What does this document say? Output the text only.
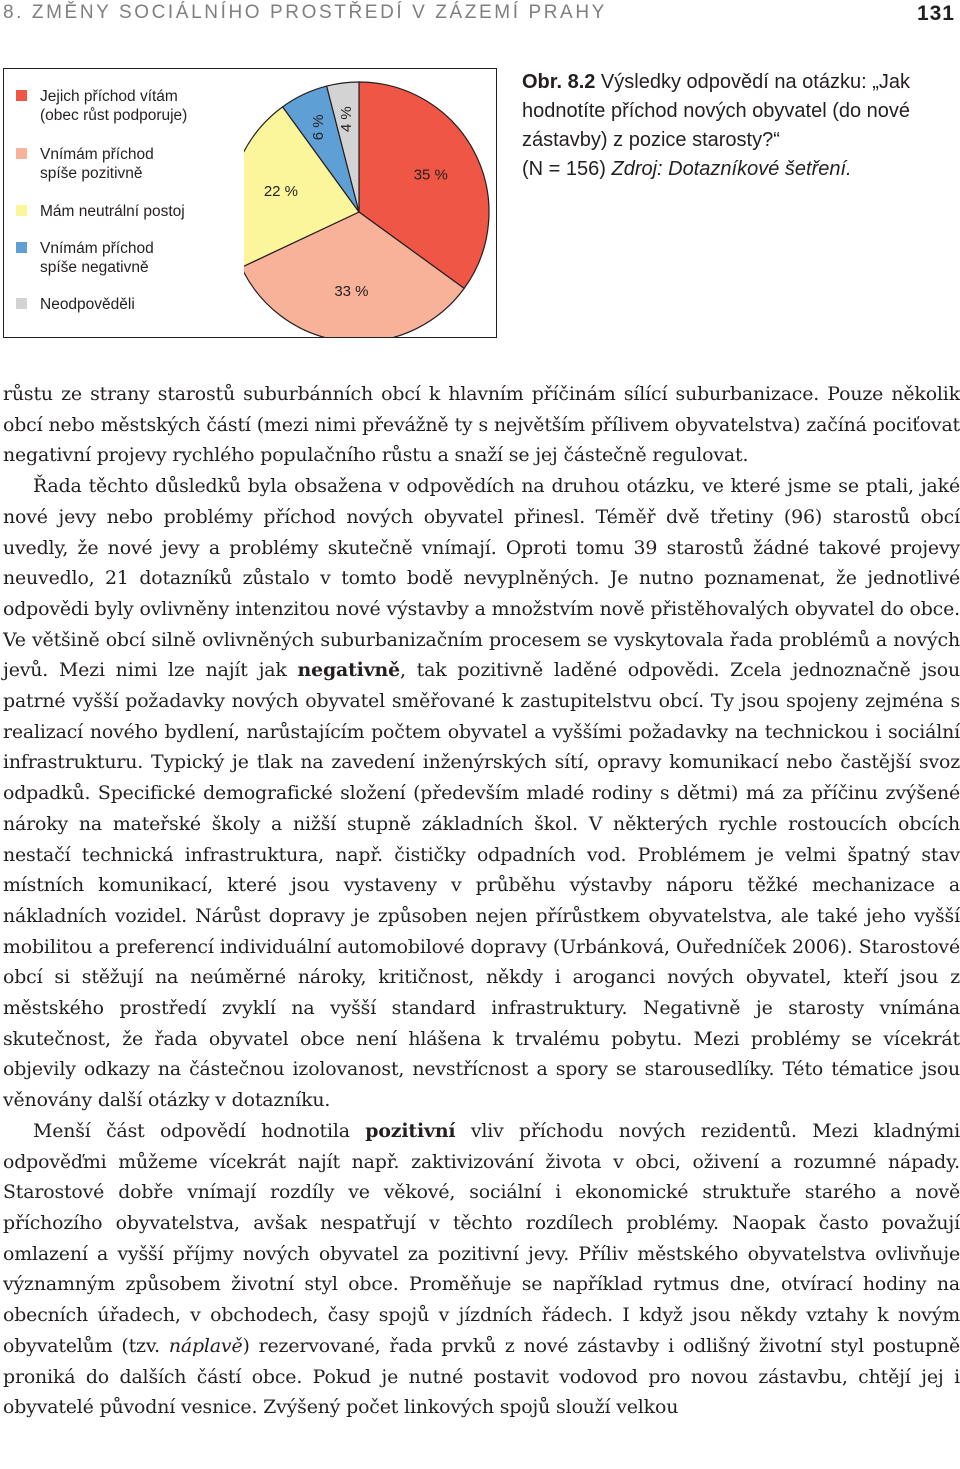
8. ZMĚNY SOCIÁLNÍHO PROSTŘEDÍ V ZÁZEMÍ PRAHY	131
Jejich příchod vítám
(obec růst podporuje)
Vnímám příchod
spíše pozitivně
Mám neutrální postoj
Vnímám příchod
spíše negativně
Neodpověděli
35 %
33 %
22 %
6 % 4 %
Obr. 8.2 Výsledky odpovědí na otázku: „Jak hodnotíte příchod nových obyvatel (do nové zástavby) z pozice starosty?“
(N = 156) Zdroj: Dotazníkové šetření.

růstu ze strany starostů suburbánních obcí k hlavním příčinám sílící suburbanizace. Pouze několik obcí nebo městských částí (mezi nimi převážně ty s největším přílivem obyvatelstva) začíná pociťovat negativní projevy rychlého populačního růstu a snaží se jej částečně regulovat.

Řada těchto důsledků byla obsažena v odpovědích na druhou otázku, ve které jsme se ptali, jaké nové jevy nebo problémy příchod nových obyvatel přinesl. Téměř dvě třetiny (96) starostů obcí uvedly, že nové jevy a problémy skutečně vnímají. Oproti tomu 39 starostů žádné takové projevy neuvedlo, 21 dotazníků zůstalo v tomto bodě nevyplněných. Je nutno poznamenat, že jednotlivé odpovědi byly ovlivněny intenzitou nové výstavby a množstvím nově přistěhovalých obyvatel do obce. Ve většině obcí silně ovlivněných suburbanizačním procesem se vyskytovala řada problémů a nových jevů. Mezi nimi lze najít jak negativně, tak pozitivně laděné odpovědi. Zcela jednoznačně jsou patrné vyšší požadavky nových obyvatel směřované k zastupitelstvu obcí. Ty jsou spojeny zejména s realizací nového bydlení, narůstajícím počtem obyvatel a vyššími požadavky na technickou i sociální infrastrukturu. Typický je tlak na zavedení inženýrských sítí, opravy komunikací nebo častější svoz odpadků. Specifické demografické složení (především mladé rodiny s dětmi) má za příčinu zvýšené nároky na mateřské školy a nižší stupně základních škol. V některých rychle rostoucích obcích nestačí technická infrastruktura, např. čističky odpadních vod. Problémem je velmi špatný stav místních komunikací, které jsou vystaveny v průběhu výstavby náporu těžké mechanizace a nákladních vozidel. Nárůst dopravy je způsoben nejen přírůstkem obyvatelstva, ale také jeho vyšší mobilitou a preferencí individuální automobilové dopravy (Urbánková, Ouředníček 2006). Starostové obcí si stěžují na neúměrné nároky, kritičnost, někdy i aroganci nových obyvatel, kteří jsou z městského prostředí zvyklí na vyšší standard infrastruktury. Negativně je starosty vnímána skutečnost, že řada obyvatel obce není hlášena k trvalému pobytu. Mezi problémy se vícekrát objevily odkazy na částečnou izolovanost, nevstřícnost a spory se starousedlíky. Této tématice jsou věnovány další otázky v dotazníku.

Menší část odpovědí hodnotila pozitivní vliv příchodu nových rezidentů. Mezi kladnými odpověďmi můžeme vícekrát najít např. zaktivizování života v obci, oživení a rozumné nápady. Starostové dobře vnímají rozdíly ve věkové, sociální i ekonomické struktuře starého a nově příchozího obyvatelstva, avšak nespatřují v těchto rozdílech problémy. Naopak často považují omlazení a vyšší příjmy nových obyvatel za pozitivní jevy. Příliv městského obyvatelstva ovlivňuje významným způsobem životní styl obce. Proměňuje se například rytmus dne, otvírací hodiny na obecních úřadech, v obchodech, časy spojů v jízdních řádech. I když jsou někdy vztahy k novým obyvatelům (tzv. náplavě) rezervované, řada prvků z nové zástavby i odlišný životní styl postupně proniká do dalších částí obce. Pokud je nutné postavit vodovod pro novou zástavbu, chtějí jej i obyvatelé původní vesnice. Zvýšený počet linkových spojů slouží velkou
